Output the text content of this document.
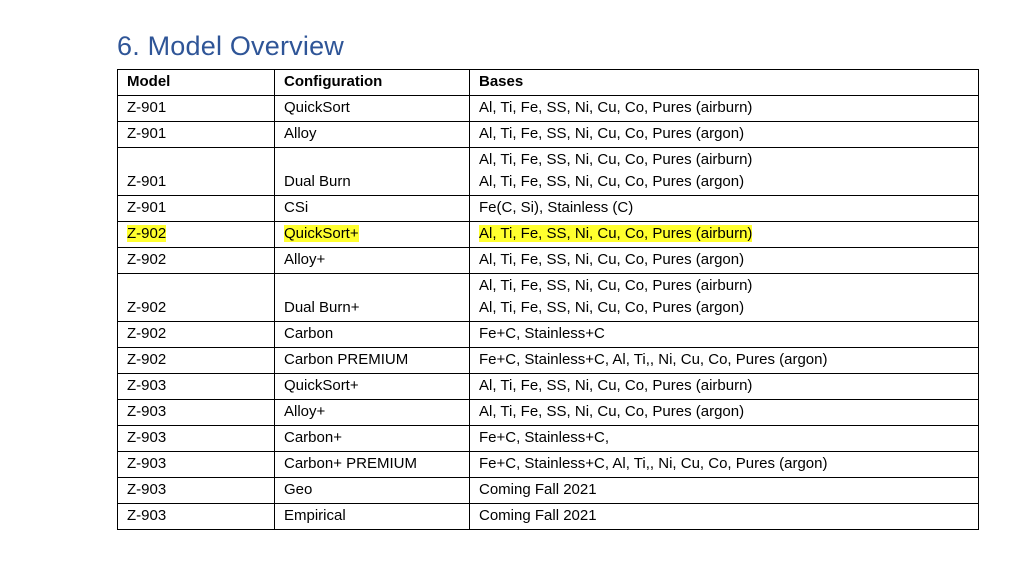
6. Model Overview
Model	Configuration	Bases
Z-901	QuickSort	Al, Ti, Fe, SS, Ni, Cu, Co, Pures (airburn)
Z-901	Alloy	Al, Ti, Fe, SS, Ni, Cu, Co, Pures (argon)
Z-901	Dual Burn	Al, Ti, Fe, SS, Ni, Cu, Co, Pures (airburn)
Al, Ti, Fe, SS, Ni, Cu, Co, Pures (argon)

Z-901	CSi	Fe(C, Si), Stainless (C)
Z-902	QuickSort+	Al, Ti, Fe, SS, Ni, Cu, Co, Pures (airburn)
Z-902	Alloy+	Al, Ti, Fe, SS, Ni, Cu, Co, Pures (argon)
Z-902	Dual Burn+	Al, Ti, Fe, SS, Ni, Cu, Co, Pures (airburn)
Al, Ti, Fe, SS, Ni, Cu, Co, Pures (argon)

Z-902	Carbon	Fe+C, Stainless+C
Z-902	Carbon PREMIUM	Fe+C, Stainless+C, Al, Ti,, Ni, Cu, Co, Pures (argon)
Z-903	QuickSort+	Al, Ti, Fe, SS, Ni, Cu, Co, Pures (airburn)
Z-903	Alloy+	Al, Ti, Fe, SS, Ni, Cu, Co, Pures (argon)
Z-903	Carbon+	Fe+C, Stainless+C,
Z-903	Carbon+ PREMIUM	Fe+C, Stainless+C, Al, Ti,, Ni, Cu, Co, Pures (argon)
Z-903	Geo	Coming Fall 2021
Z-903	Empirical	Coming Fall 2021
